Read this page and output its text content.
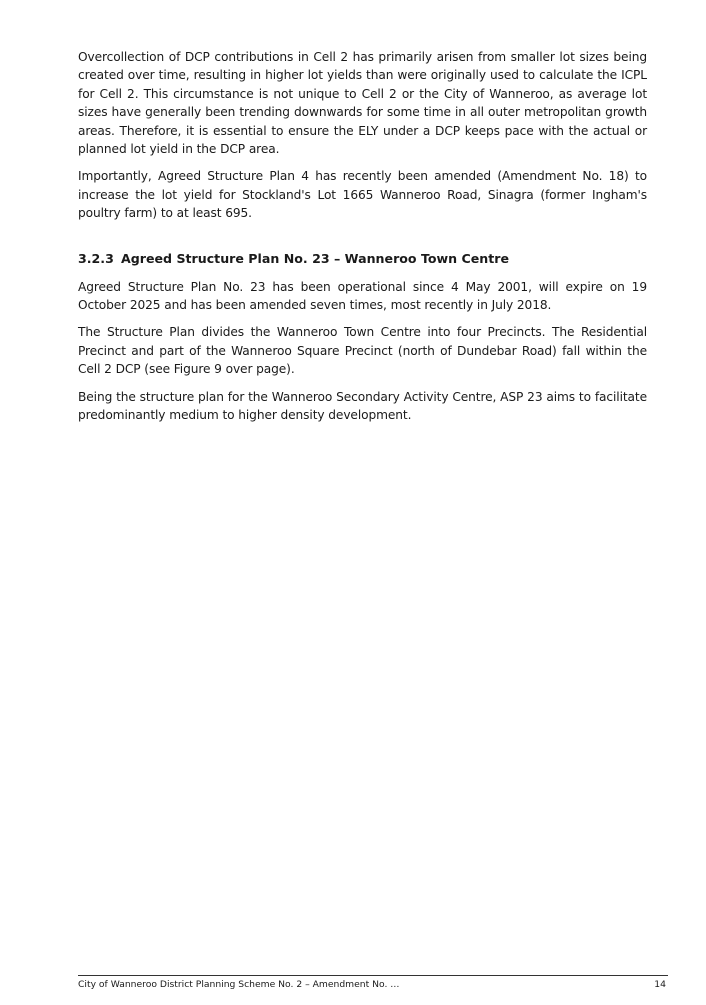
Overcollection of DCP contributions in Cell 2 has primarily arisen from smaller lot sizes being created over time, resulting in higher lot yields than were originally used to calculate the ICPL for Cell 2. This circumstance is not unique to Cell 2 or the City of Wanneroo, as average lot sizes have generally been trending downwards for some time in all outer metropolitan growth areas. Therefore, it is essential to ensure the ELY under a DCP keeps pace with the actual or planned lot yield in the DCP area.

Importantly, Agreed Structure Plan 4 has recently been amended (Amendment No. 18) to increase the lot yield for Stockland's Lot 1665 Wanneroo Road, Sinagra (former Ingham's poultry farm) to at least 695.

3.2.3 Agreed Structure Plan No. 23 – Wanneroo Town Centre

Agreed Structure Plan No. 23 has been operational since 4 May 2001, will expire on 19 October 2025 and has been amended seven times, most recently in July 2018.

The Structure Plan divides the Wanneroo Town Centre into four Precincts. The Residential Precinct and part of the Wanneroo Square Precinct (north of Dundebar Road) fall within the Cell 2 DCP (see Figure 9 over page).

Being the structure plan for the Wanneroo Secondary Activity Centre, ASP 23 aims to facilitate predominantly medium to higher density development.

City of Wanneroo District Planning Scheme No. 2 – Amendment No. …	14
